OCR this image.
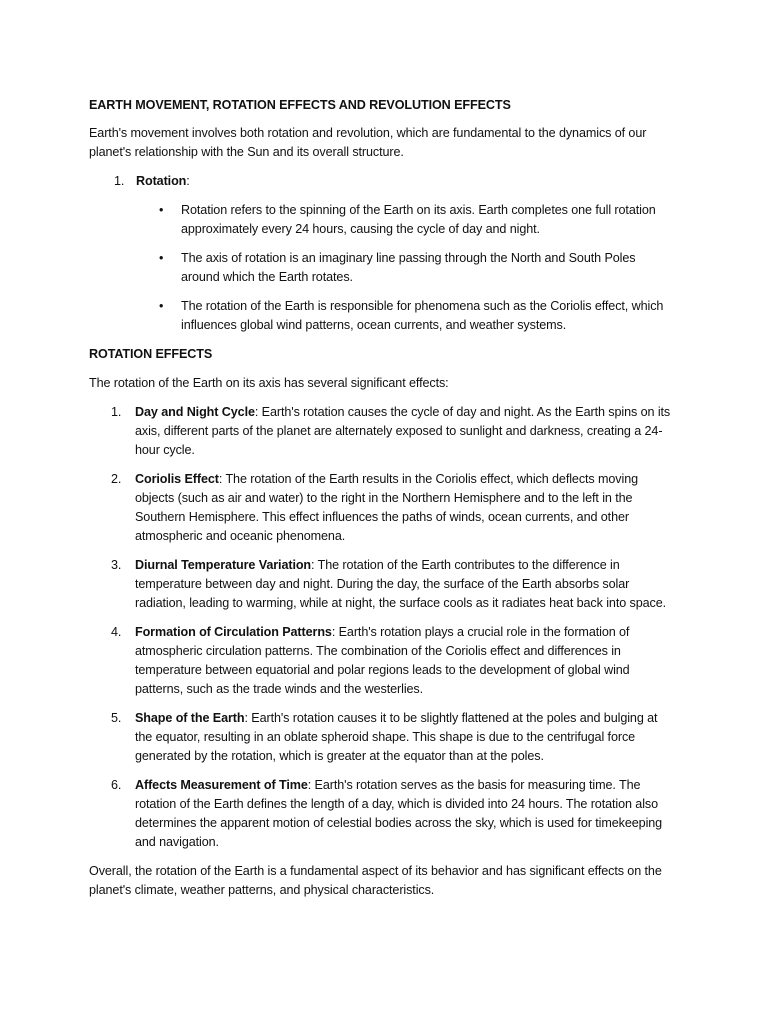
EARTH MOVEMENT, ROTATION EFFECTS AND REVOLUTION EFFECTS

Earth's movement involves both rotation and revolution, which are fundamental to the dynamics of our planet's relationship with the Sun and its overall structure.

1. Rotation:

• Rotation refers to the spinning of the Earth on its axis. Earth completes one full rotation approximately every 24 hours, causing the cycle of day and night.
• The axis of rotation is an imaginary line passing through the North and South Poles around which the Earth rotates.
• The rotation of the Earth is responsible for phenomena such as the Coriolis effect, which influences global wind patterns, ocean currents, and weather systems.

ROTATION EFFECTS

The rotation of the Earth on its axis has several significant effects:

1. Day and Night Cycle: Earth's rotation causes the cycle of day and night. As the Earth spins on its axis, different parts of the planet are alternately exposed to sunlight and darkness, creating a 24-hour cycle.
2. Coriolis Effect: The rotation of the Earth results in the Coriolis effect, which deflects moving objects (such as air and water) to the right in the Northern Hemisphere and to the left in the Southern Hemisphere. This effect influences the paths of winds, ocean currents, and other atmospheric and oceanic phenomena.
3. Diurnal Temperature Variation: The rotation of the Earth contributes to the difference in temperature between day and night. During the day, the surface of the Earth absorbs solar radiation, leading to warming, while at night, the surface cools as it radiates heat back into space.
4. Formation of Circulation Patterns: Earth's rotation plays a crucial role in the formation of atmospheric circulation patterns. The combination of the Coriolis effect and differences in temperature between equatorial and polar regions leads to the development of global wind patterns, such as the trade winds and the westerlies.
5. Shape of the Earth: Earth's rotation causes it to be slightly flattened at the poles and bulging at the equator, resulting in an oblate spheroid shape. This shape is due to the centrifugal force generated by the rotation, which is greater at the equator than at the poles.
6. Affects Measurement of Time: Earth's rotation serves as the basis for measuring time. The rotation of the Earth defines the length of a day, which is divided into 24 hours. The rotation also determines the apparent motion of celestial bodies across the sky, which is used for timekeeping and navigation.

Overall, the rotation of the Earth is a fundamental aspect of its behavior and has significant effects on the planet's climate, weather patterns, and physical characteristics.
